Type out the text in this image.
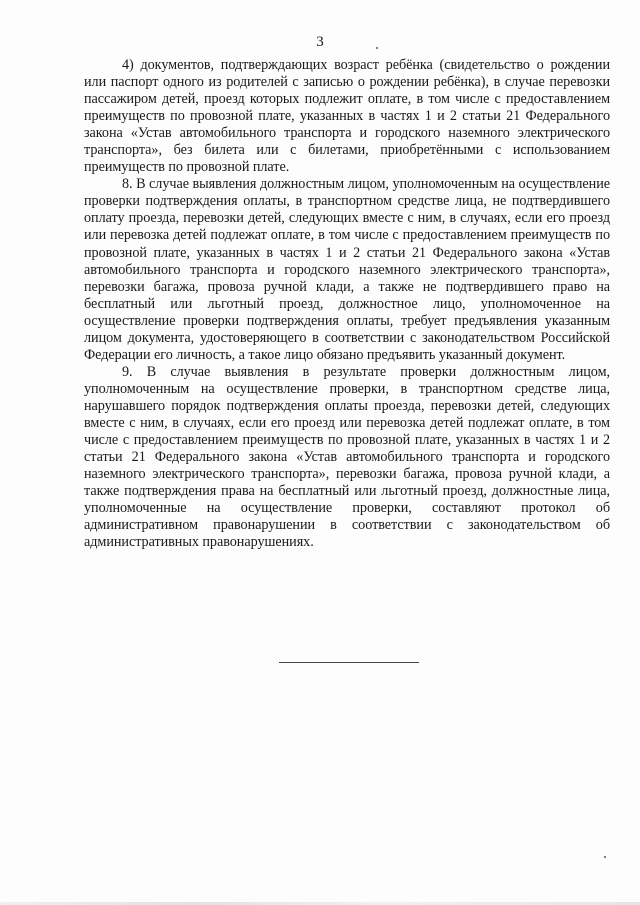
3

4) документов, подтверждающих возраст ребёнка (свидетельство о рождении или паспорт одного из родителей с записью о рождении ребёнка), в случае перевозки пассажиром детей, проезд которых подлежит оплате, в том числе с предоставлением преимуществ по провозной плате, указанных в частях 1 и 2 статьи 21 Федерального закона «Устав автомобильного транспорта и городского наземного электрического транспорта», без билета или с билетами, приобретёнными с использованием преимуществ по провозной плате.

8. В случае выявления должностным лицом, уполномоченным на осуществление проверки подтверждения оплаты, в транспортном средстве лица, не подтвердившего оплату проезда, перевозки детей, следующих вместе с ним, в случаях, если его проезд или перевозка детей подлежат оплате, в том числе с предоставлением преимуществ по провозной плате, указанных в частях 1 и 2 статьи 21 Федерального закона «Устав автомобильного транспорта и городского наземного электрического транспорта», перевозки багажа, провоза ручной клади, а также не подтвердившего право на бесплатный или льготный проезд, должностное лицо, уполномоченное на осуществление проверки подтверждения оплаты, требует предъявления указанным лицом документа, удостоверяющего в соответствии с законодательством Российской Федерации его личность, а такое лицо обязано предъявить указанный документ.

9. В случае выявления в результате проверки должностным лицом, уполномоченным на осуществление проверки, в транспортном средстве лица, нарушавшего порядок подтверждения оплаты проезда, перевозки детей, следующих вместе с ним, в случаях, если его проезд или перевозка детей подлежат оплате, в том числе с предоставлением преимуществ по провозной плате, указанных в частях 1 и 2 статьи 21 Федерального закона «Устав автомобильного транспорта и городского наземного электрического транспорта», перевозки багажа, провоза ручной клади, а также подтверждения права на бесплатный или льготный проезд, должностные лица, уполномоченные на осуществление проверки, составляют протокол об административном правонарушении в соответствии с законодательством об административных правонарушениях.
